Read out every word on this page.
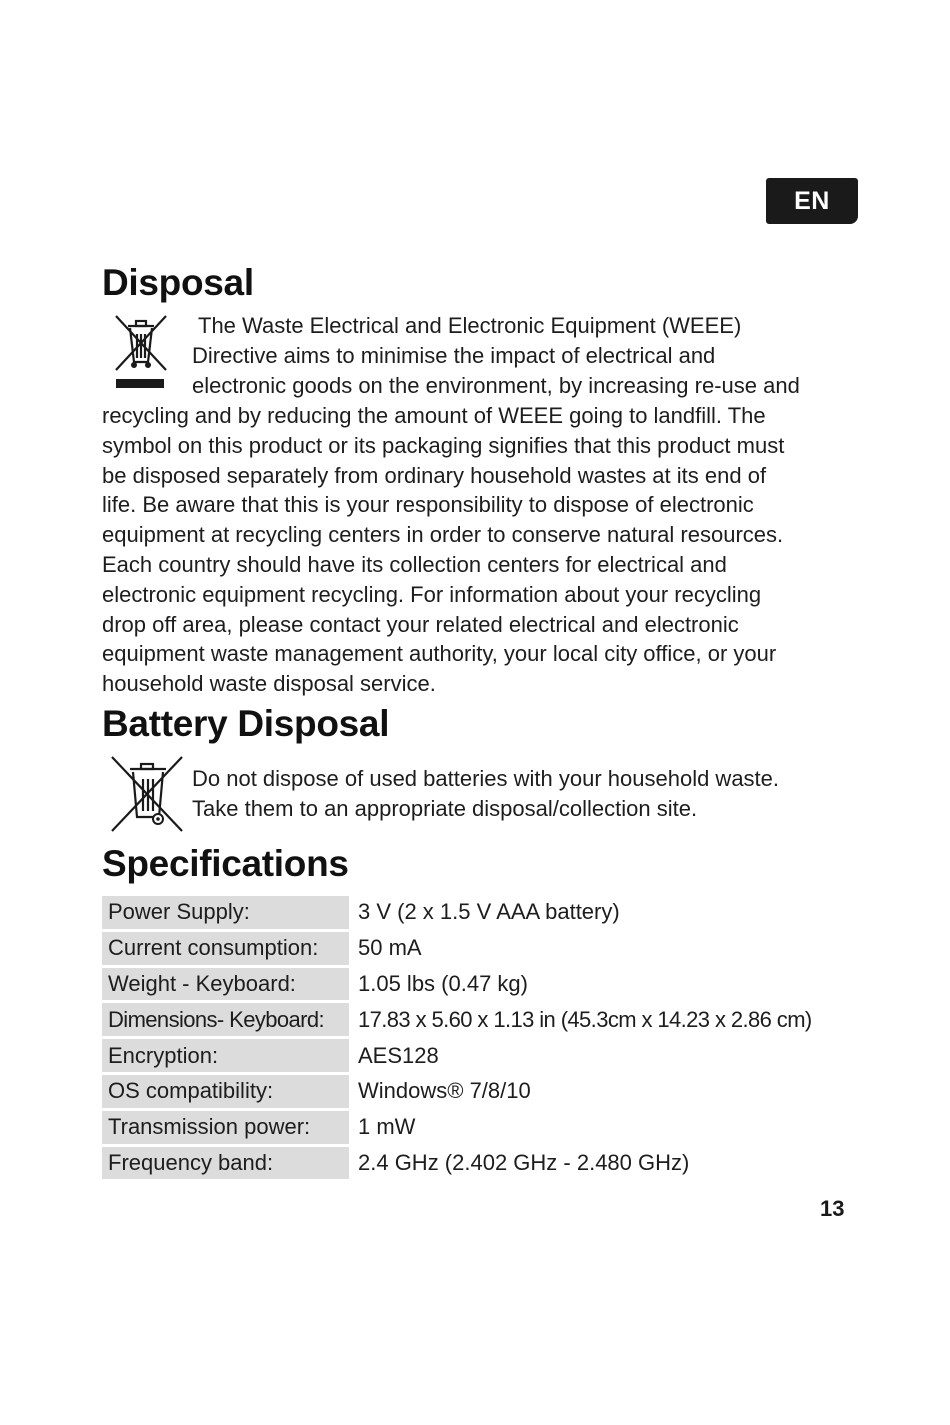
EN
Disposal
The Waste Electrical and Electronic Equipment (WEEE)
Directive aims to minimise the impact of electrical and
electronic goods on the environment, by increasing re-use and
recycling and by reducing the amount of WEEE going to landfill. The
symbol on this product or its packaging signifies that this product must
be disposed separately from ordinary household wastes at its end of
life. Be aware that this is your responsibility to dispose of electronic
equipment at recycling centers in order to conserve natural resources.
Each country should have its collection centers for electrical and
electronic equipment recycling. For information about your recycling
drop off area, please contact your related electrical and electronic
equipment waste management authority, your local city office, or your
household waste disposal service.
Battery Disposal
Do not dispose of used batteries with your household waste.
Take them to an appropriate disposal/collection site.
Specifications
Power Supply:	3 V (2 x 1.5 V AAA battery)
Current consumption:	50 mA
Weight - Keyboard:	1.05 lbs (0.47 kg)
Dimensions- Keyboard:	17.83 x 5.60 x 1.13 in (45.3cm x 14.23 x 2.86 cm)
Encryption:	AES128
OS compatibility:	Windows® 7/8/10
Transmission power:	1 mW
Frequency band:	2.4 GHz (2.402 GHz - 2.480 GHz)
13
